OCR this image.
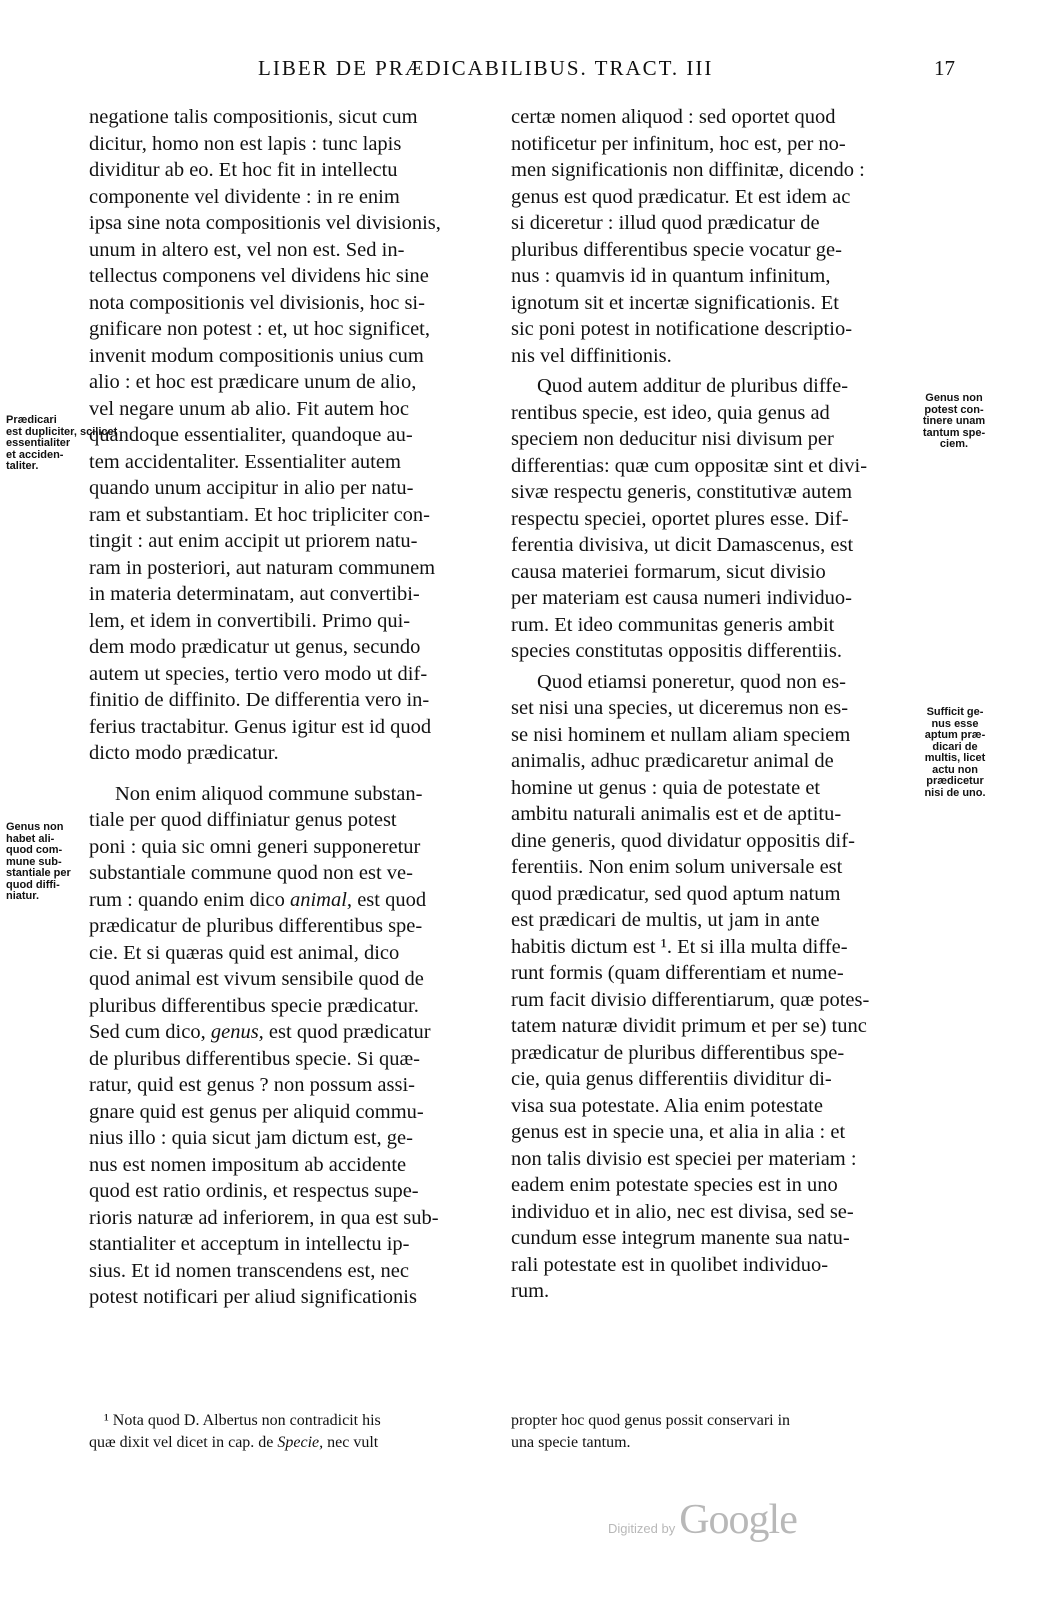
LIBER DE PRÆDICABILIBUS. TRACT. III	17
negatione talis compositionis, sicut cum
dicitur, homo non est lapis : tunc lapis
dividitur ab eo. Et hoc fit in intellectu
componente vel dividente : in re enim
ipsa sine nota compositionis vel divisionis,
unum in altero est, vel non est. Sed in-
tellectus componens vel dividens hic sine
nota compositionis vel divisionis, hoc si-
gnificare non potest : et, ut hoc significet,
invenit modum compositionis unius cum
alio : et hoc est prædicare unum de alio,
vel negare unum ab alio. Fit autem hoc
quandoque essentialiter, quandoque au-
tem accidentaliter. Essentialiter autem
quando unum accipitur in alio per natu-
ram et substantiam. Et hoc tripliciter con-
tingit : aut enim accipit ut priorem natu-
ram in posteriori, aut naturam communem
in materia determinatam, aut convertibi-
lem, et idem in convertibili. Primo qui-
dem modo prædicatur ut genus, secundo
autem ut species, tertio vero modo ut dif-
finitio de diffinito. De differentia vero in-
ferius tractabitur. Genus igitur est id quod
dicto modo prædicatur.
Non enim aliquod commune substan-
tiale per quod diffiniatur genus potest
poni : quia sic omni generi supponeretur
substantiale commune quod non est ve-
rum : quando enim dico animal, est quod
prædicatur de pluribus differentibus spe-
cie. Et si quæras quid est animal, dico
quod animal est vivum sensibile quod de
pluribus differentibus specie prædicatur.
Sed cum dico, genus, est quod prædicatur
de pluribus differentibus specie. Si quæ-
ratur, quid est genus ? non possum assi-
gnare quid est genus per aliquid commu-
nius illo : quia sicut jam dictum est, ge-
nus est nomen impositum ab accidente
quod est ratio ordinis, et respectus supe-
rioris naturæ ad inferiorem, in qua est sub-
stantialiter et acceptum in intellectu ip-
sius. Et id nomen transcendens est, nec
potest notificari per aliud significationis
certæ nomen aliquod : sed oportet quod
notificetur per infinitum, hoc est, per no-
men significationis non diffinitæ, dicendo :
genus est quod prædicatur. Et est idem ac
si diceretur : illud quod prædicatur de
pluribus differentibus specie vocatur ge-
nus : quamvis id in quantum infinitum,
ignotum sit et incertæ significationis. Et
sic poni potest in notificatione descriptio-
nis vel diffinitionis.
Quod autem additur de pluribus diffe-
rentibus specie, est ideo, quia genus ad
speciem non deducitur nisi divisum per
differentias: quæ cum oppositæ sint et divi-
sivæ respectu generis, constitutivæ autem
respectu speciei, oportet plures esse. Dif-
ferentia divisiva, ut dicit Damascenus, est
causa materiei formarum, sicut divisio
per materiam est causa numeri individuo-
rum. Et ideo communitas generis ambit
species constitutas oppositis differentiis.
Quod etiamsi poneretur, quod non es-
set nisi una species, ut diceremus non es-
se nisi hominem et nullam aliam speciem
animalis, adhuc prædicaretur animal de
homine ut genus : quia de potestate et
ambitu naturali animalis est et de aptitu-
dine generis, quod dividatur oppositis dif-
ferentiis. Non enim solum universale est
quod prædicatur, sed quod aptum natum
est prædicari de multis, ut jam in ante
habitis dictum est ¹. Et si illa multa diffe-
runt formis (quam differentiam et nume-
rum facit divisio differentiarum, quæ potes-
tatem naturæ dividit primum et per se) tunc
prædicatur de pluribus differentibus spe-
cie, quia genus differentiis dividitur di-
visa sua potestate. Alia enim potestate
genus est in specie una, et alia in alia : et
non talis divisio est speciei per materiam :
eadem enim potestate species est in uno
individuo et in alio, nec est divisa, sed se-
cundum esse integrum manente sua natu-
rali potestate est in quolibet individuo-
rum.
Prædicari
est dupliciter, scilicet
essentialiter
et acciden-
taliter.
Genus non
habet ali-
quod com-
mune sub-
stantiale per
quod diffi-
niatur.
Genus non
potest con-
tinere unam
tantum spe-
ciem.
Sufficit ge-
nus esse
aptum præ-
dicari de
multis, licet
actu non
prædicetur
nisi de uno.
¹ Nota quod D. Albertus non contradicit his
quæ dixit vel dicet in cap. de Specie, nec vult
propter hoc quod genus possit conservari in
una specie tantum.
Digitized by Google
